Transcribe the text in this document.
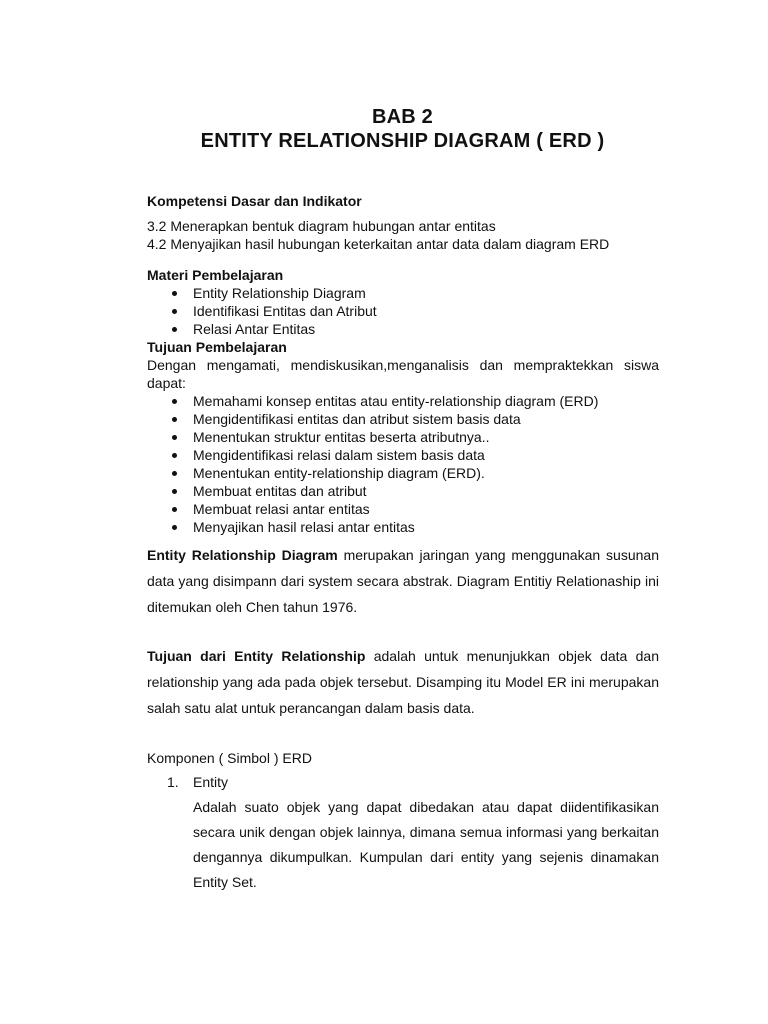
BAB 2
ENTITY RELATIONSHIP DIAGRAM ( ERD )
Kompetensi Dasar dan Indikator
3.2 Menerapkan bentuk diagram hubungan antar entitas
4.2 Menyajikan hasil hubungan keterkaitan antar data dalam diagram ERD
Materi Pembelajaran
Entity Relationship Diagram
Identifikasi Entitas dan Atribut
Relasi Antar Entitas
Tujuan Pembelajaran
Dengan mengamati, mendiskusikan,menganalisis dan mempraktekkan siswa dapat:
Memahami konsep entitas atau entity-relationship diagram (ERD)
Mengidentifikasi entitas dan atribut sistem basis data
Menentukan struktur entitas beserta atributnya..
Mengidentifikasi relasi dalam sistem basis data
Menentukan entity-relationship diagram (ERD).
Membuat entitas dan atribut
Membuat relasi antar entitas
Menyajikan hasil relasi antar entitas
Entity Relationship Diagram merupakan jaringan yang menggunakan susunan data yang disimpann dari system secara abstrak. Diagram Entitiy Relationaship ini ditemukan oleh Chen tahun 1976.
Tujuan dari Entity Relationship adalah untuk menunjukkan objek data dan relationship yang ada pada objek tersebut. Disamping itu Model ER ini merupakan salah satu alat untuk perancangan dalam basis data.
Komponen ( Simbol ) ERD
1. Entity
Adalah suato objek yang dapat dibedakan atau dapat diidentifikasikan secara unik dengan objek lainnya, dimana semua informasi yang berkaitan dengannya dikumpulkan. Kumpulan dari entity yang sejenis dinamakan Entity Set.
